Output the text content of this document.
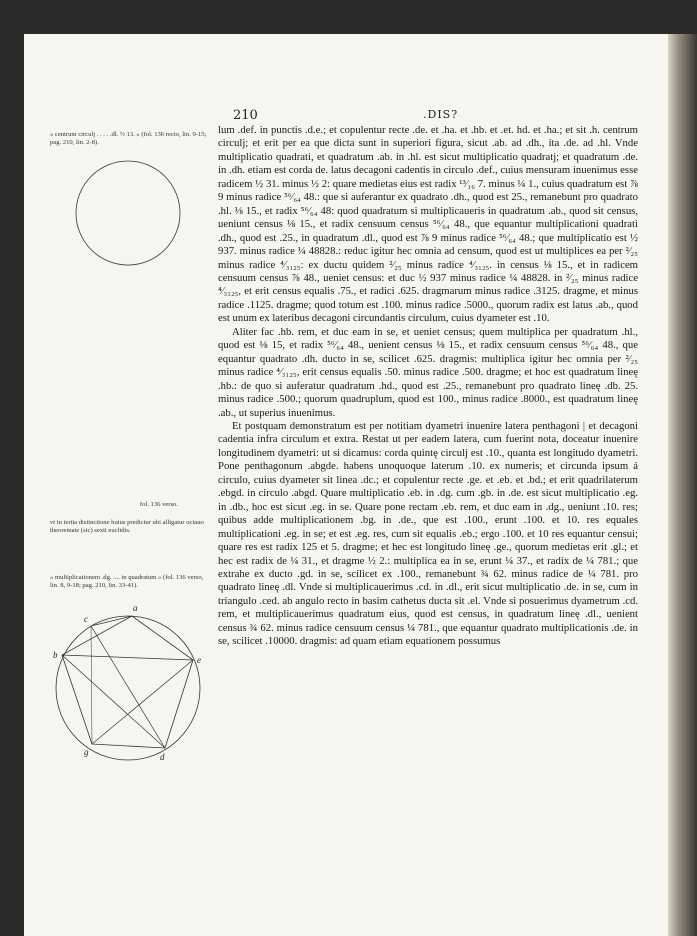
210	.DIS?
» centrum circulj . . . . .dl. ½ 13. » (fol. 136 recto, lin. 9-15; pag. 210, lin. 2-8).
fol. 136 verso.
vt in tertia distinctione huius predictur ubi alligatur octauo theoremate (sic) sexti euclidis.
» multiplicationem .dg. .... in quadratum » (fol. 136 verso, lin. 8, 9-18; pag. 210, lin. 33-41).
a
c
b	e
g	d

lum .def. in punctis .d.e.; et copulentur recte .de. et .ha. et .hb. et .et. hd. et .ha.; et sit .h. centrum circulj; et erit per ea que dicta sunt in superiori figura, sicut .ab. ad .dh., ita .de. ad .hl. Vnde multiplicatio quadrati, et quadratum .ab. in .hl. est sicut multiplicatio quadratj; et quadratum .de. in .dh. etiam est corda de. latus decagoni cadentis in circulo .def., cuius mensuram inuenimus esse radicem ½ 31. minus ½ 2: quare medietas eius est radix ¹³⁄₁₆ 7. minus ¼ 1., cuius quadratum est ⅞ 9 minus radice ⁵⁶⁄₆₄ 48.: que si auferantur ex quadrato .dh., quod est 25., remanebunt pro quadrato .hl. ⅛ 15., et radix ⁵⁶⁄₆₄ 48: quod quadratum si multiplicaueris in quadratum .ab., quod sit census, ueniunt census ⅛ 15., et radix censuum census ⁵⁶⁄₆₄ 48., que equantur multiplicationi quadrati .dh., quod est .25., in quadratum .dl., quod est ⅞ 9 minus radice ⁵⁶⁄₆₄ 48.; que multiplicatio est ½ 937. minus radice ¼ 48828.: reduc igitur hec omnia ad censum, quod est ut multiplices ea per ²⁄₂₅ minus radice ⁴⁄₃₁₂₅: ex ductu quidem ²⁄₂₅ minus radice ⁴⁄₃₁₂₅. in census ⅛ 15., et in radicem censuum census ⅞ 48., ueniet census: et duc ½ 937 minus radice ¼ 48828. in ²⁄₂₅ minus radice ⁴⁄₃₁₂₅, et erit census equalis .75., et radici .625. dragmarum minus radice .3125. dragme, et minus radice .1125. dragme; quod totum est .100. minus radice .5000., quorum radix est latus .ab., quod est unum ex lateribus decagoni circundantis circulum, cuius dyameter est .10.

Aliter fac .hb. rem, et duc eam in se, et ueniet census; quem multiplica per quadratum .hl., quod est ⅛ 15, et radix ⁵⁶⁄₆₄ 48., uenient census ⅛ 15., et radix censuum census ⁵⁶⁄₆₄ 48., que equantur quadrato .dh. ducto in se, scilicet .625. dragmis: multiplica igitur hec omnia per ²⁄₂₅ minus radice ⁴⁄₃₁₂₅, erit census equalis .50. minus radice .500. dragme; et hoc est quadratum lineę .hb.: de quo si auferatur quadratum .hd., quod est .25., remanebunt pro quadrato lineę .db. 25. minus radice .500.; quorum quadruplum, quod est 100., minus radice .8000., est quadratum lineę .ab., ut superius inuenimus.

Et postquam demonstratum est per notitiam dyametri inuenire latera penthagoni | et decagoni cadentia infra circulum et extra. Restat ut per eadem latera, cum fuerint nota, doceatur inuenire longitudinem dyametri: ut si dicamus: corda quintę circulj est .10., quanta est longitudo dyametri. Pone penthagonum .abgde. habens unoquoque laterum .10. ex numeris; et circunda ipsum á circulo, cuius dyameter sit linea .dc.; et copulentur recte .ge. et .eb. et .bd.; et erit quadrilaterum .ebgd. in circulo .abgd. Quare multiplicatio .eb. in .dg. cum .gb. in .de. est sicut multiplicatio .eg. in .db., hoc est sicut .eg. in se. Quare pone rectam .eb. rem, et duc eam in .dg., ueniunt .10. res; quibus adde multiplicationem .bg. in .de., que est .100., erunt .100. et 10. res equales multiplicationi .eg. in se; et est .eg. res, cum sit equalis .eb.; ergo .100. et 10 res equantur censui; quare res est radix 125 et 5. dragme; et hec est longitudo lineę .ge., quorum medietas erit .gl.; et hec est radix de ¼ 31., et dragme ½ 2.: multiplica ea in se, erunt ¼ 37., et radix de ¼ 781.; que extrahe ex ducto .gd. in se, scilicet ex .100., remanebunt ¾ 62. minus radice de ¼ 781. pro quadrato lineę .dl. Vnde si multiplicauerimus .cd. in .dl., erit sicut multiplicatio .de. in se, cum in triangulo .ced. ab angulo recto in basim cathetus ducta sit .el. Vnde si posuerimus dyametrum .cd. rem, et multiplicauerimus quadratum eius, quod est census, in quadratum lineę .dl., uenient census ¾ 62. minus radice censuum census ¼ 781., que equantur quadrato multiplicationis .de. in se, scilicet .10000. dragmis: ad quam etiam equationem possumus
